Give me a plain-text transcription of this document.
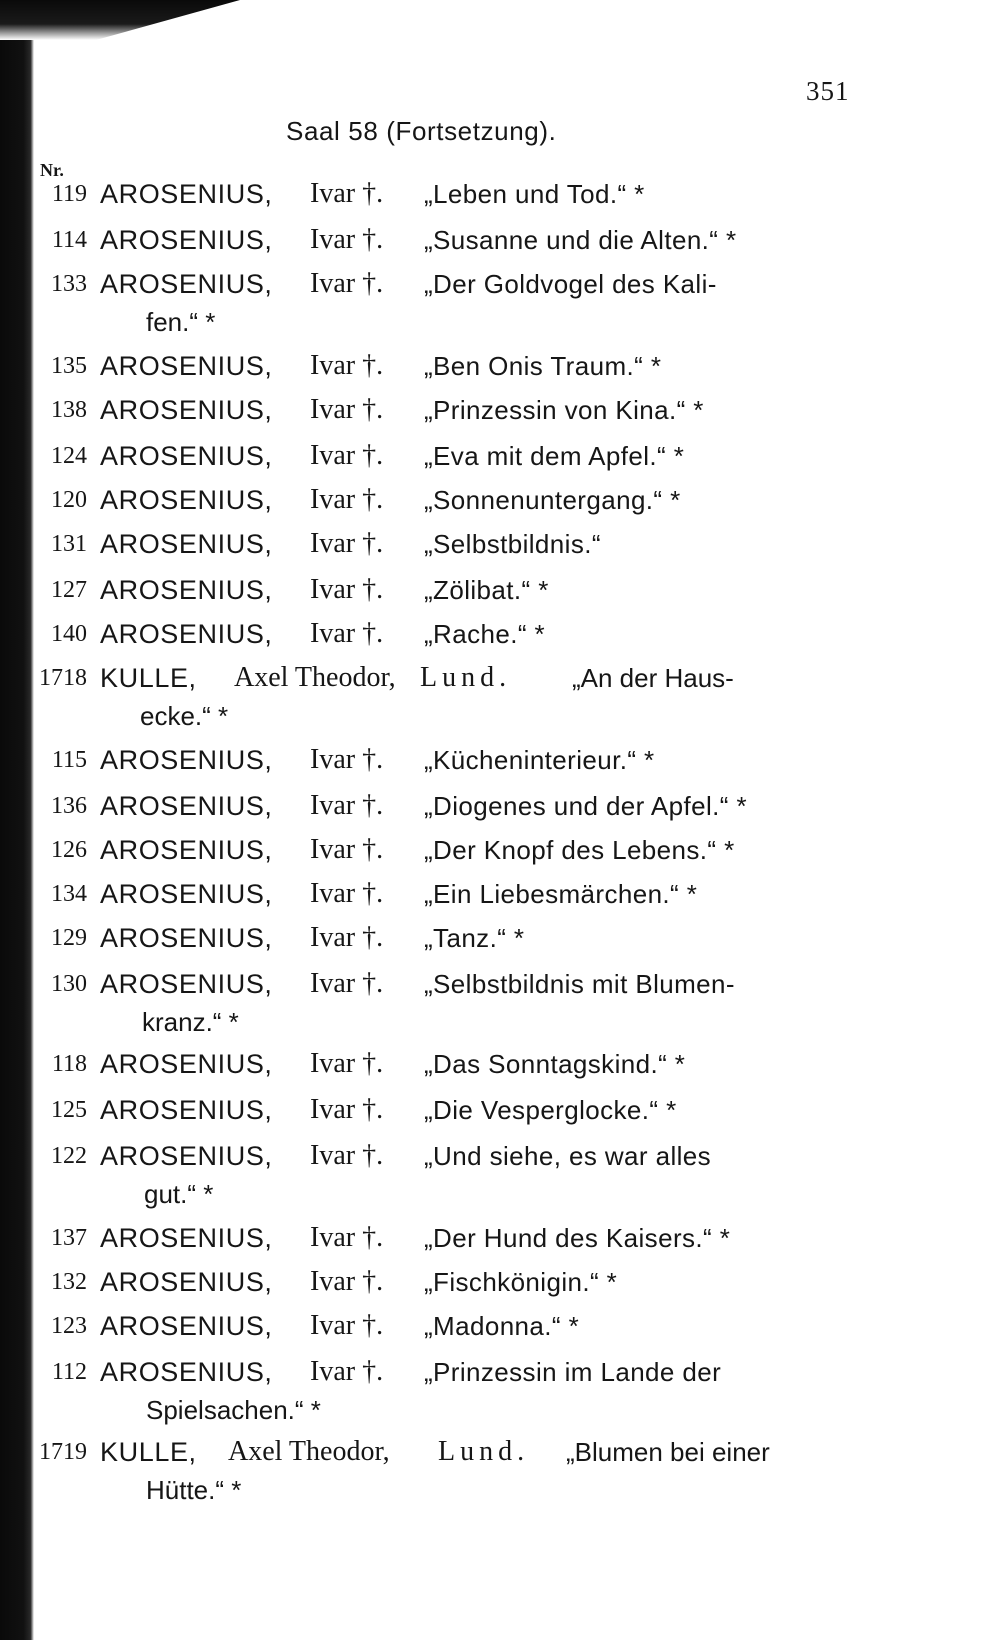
351
Saal 58 (Fortsetzung).
Nr.
119 AROSENIUS, Ivar †. „Leben und Tod.“ *
114 AROSENIUS, Ivar †. „Susanne und die Alten.“ *
133 AROSENIUS, Ivar †. „Der Goldvogel des Kali-
fen.“ *
135 AROSENIUS, Ivar †. „Ben Onis Traum.“ *
138 AROSENIUS, Ivar †. „Prinzessin von Kina.“ *
124 AROSENIUS, Ivar †. „Eva mit dem Apfel.“ *
120 AROSENIUS, Ivar †. „Sonnenuntergang.“ *
131 AROSENIUS, Ivar †. „Selbstbildnis.“
127 AROSENIUS, Ivar †. „Zölibat.“ *
140 AROSENIUS, Ivar †. „Rache.“ *
1718 KULLE, Axel Theodor, Lund. „An der Haus-
ecke.“ *
115 AROSENIUS, Ivar †. „Kücheninterieur.“ *
136 AROSENIUS, Ivar †. „Diogenes und der Apfel.“ *
126 AROSENIUS, Ivar †. „Der Knopf des Lebens.“ *
134 AROSENIUS, Ivar †. „Ein Liebesmärchen.“ *
129 AROSENIUS, Ivar †. „Tanz.“ *
130 AROSENIUS, Ivar †. „Selbstbildnis mit Blumen-
kranz.“ *
118 AROSENIUS, Ivar †. „Das Sonntagskind.“ *
125 AROSENIUS, Ivar †. „Die Vesperglocke.“ *
122 AROSENIUS, Ivar †. „Und siehe, es war alles
gut.“ *
137 AROSENIUS, Ivar †. „Der Hund des Kaisers.“ *
132 AROSENIUS, Ivar †. „Fischkönigin.“ *
123 AROSENIUS, Ivar †. „Madonna.“ *
112 AROSENIUS, Ivar †. „Prinzessin im Lande der
Spielsachen.“ *
1719 KULLE, Axel Theodor, Lund. „Blumen bei einer
Hütte.“ *
